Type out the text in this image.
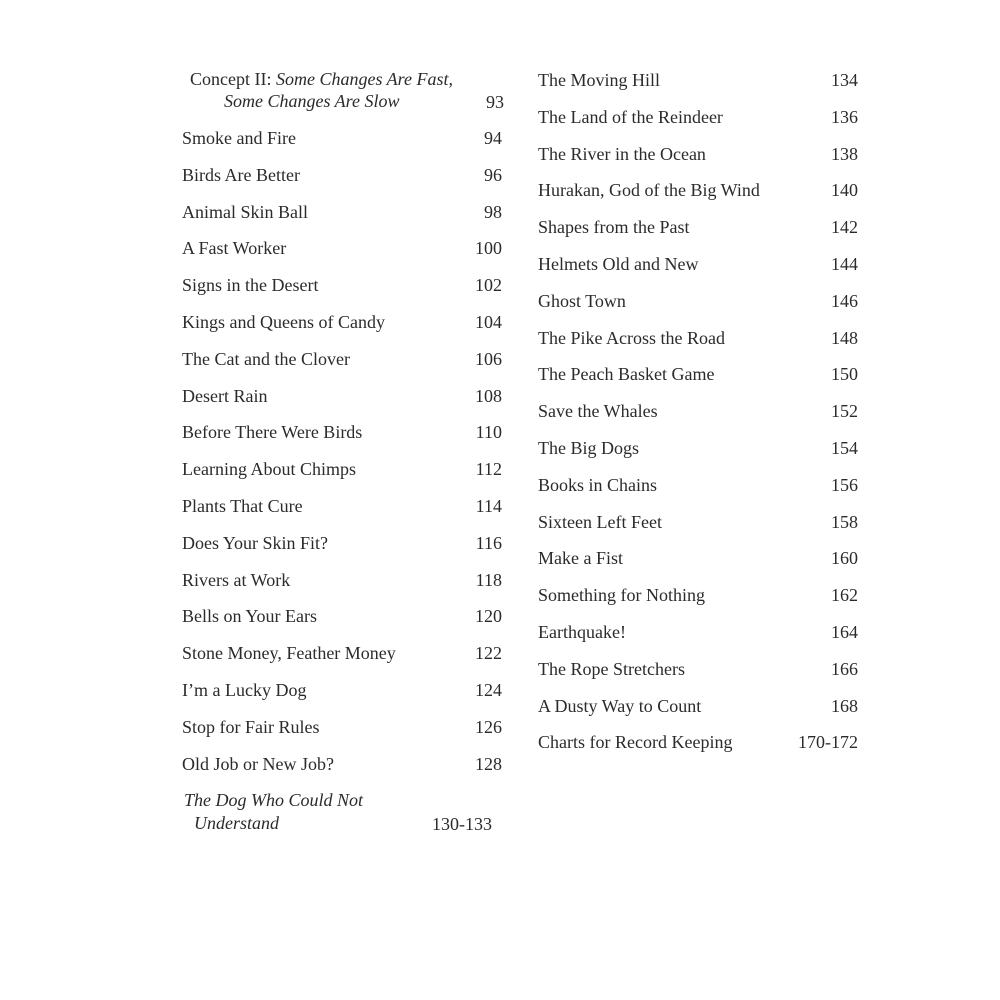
Concept II: Some Changes Are Fast,
Some Changes Are Slow	93
Smoke and Fire	94
Birds Are Better	96
Animal Skin Ball	98
A Fast Worker	100
Signs in the Desert	102
Kings and Queens of Candy	104
The Cat and the Clover	106
Desert Rain	108
Before There Were Birds	110
Learning About Chimps	112
Plants That Cure	114
Does Your Skin Fit?	116
Rivers at Work	118
Bells on Your Ears	120
Stone Money, Feather Money	122
I’m a Lucky Dog	124
Stop for Fair Rules	126
Old Job or New Job?	128
The Dog Who Could Not
Understand	130-133
The Moving Hill	134
The Land of the Reindeer	136
The River in the Ocean	138
Hurakan, God of the Big Wind	140
Shapes from the Past	142
Helmets Old and New	144
Ghost Town	146
The Pike Across the Road	148
The Peach Basket Game	150
Save the Whales	152
The Big Dogs	154
Books in Chains	156
Sixteen Left Feet	158
Make a Fist	160
Something for Nothing	162
Earthquake!	164
The Rope Stretchers	166
A Dusty Way to Count	168
Charts for Record Keeping	170-172
